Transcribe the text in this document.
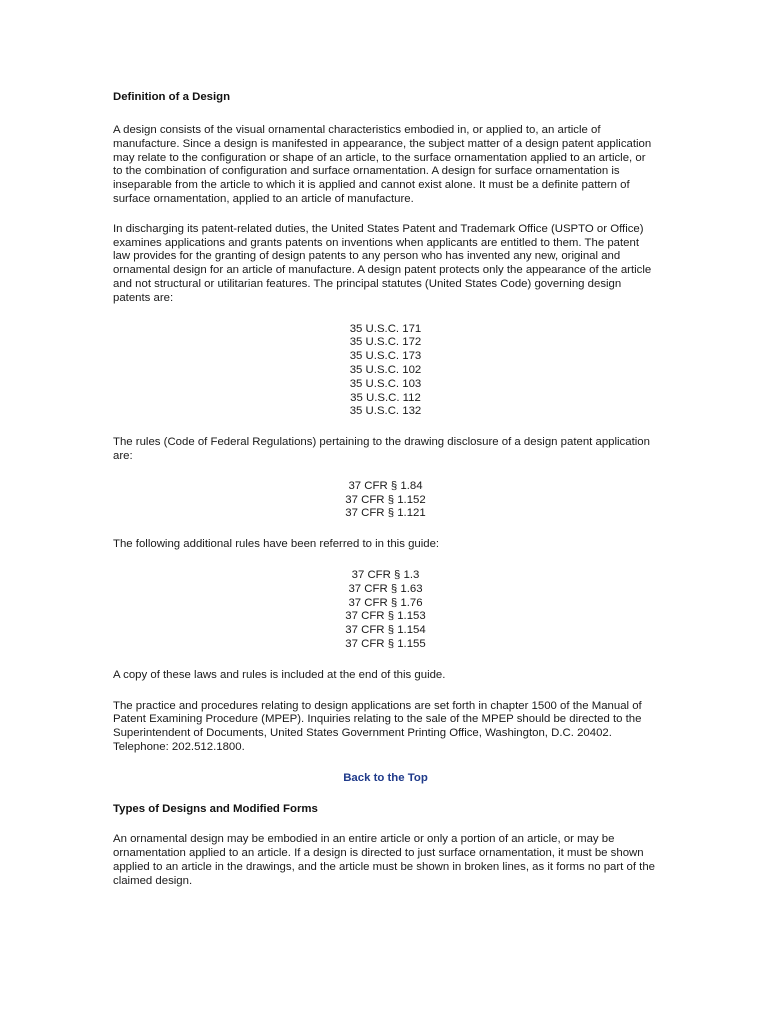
Definition of a Design

A design consists of the visual ornamental characteristics embodied in, or applied to, an article of manufacture. Since a design is manifested in appearance, the subject matter of a design patent application may relate to the configuration or shape of an article, to the surface ornamentation applied to an article, or to the combination of configuration and surface ornamentation. A design for surface ornamentation is inseparable from the article to which it is applied and cannot exist alone. It must be a definite pattern of surface ornamentation, applied to an article of manufacture.

In discharging its patent-related duties, the United States Patent and Trademark Office (USPTO or Office) examines applications and grants patents on inventions when applicants are entitled to them. The patent law provides for the granting of design patents to any person who has invented any new, original and ornamental design for an article of manufacture. A design patent protects only the appearance of the article and not structural or utilitarian features. The principal statutes (United States Code) governing design patents are:

35 U.S.C. 171
35 U.S.C. 172
35 U.S.C. 173
35 U.S.C. 102
35 U.S.C. 103
35 U.S.C. 112
35 U.S.C. 132

The rules (Code of Federal Regulations) pertaining to the drawing disclosure of a design patent application are:

37 CFR § 1.84
37 CFR § 1.152
37 CFR § 1.121

The following additional rules have been referred to in this guide:

37 CFR § 1.3
37 CFR § 1.63
37 CFR § 1.76
37 CFR § 1.153
37 CFR § 1.154
37 CFR § 1.155

A copy of these laws and rules is included at the end of this guide.

The practice and procedures relating to design applications are set forth in chapter 1500 of the Manual of Patent Examining Procedure (MPEP). Inquiries relating to the sale of the MPEP should be directed to the Superintendent of Documents, United States Government Printing Office, Washington, D.C. 20402. Telephone: 202.512.1800.

Back to the Top
Types of Designs and Modified Forms

An ornamental design may be embodied in an entire article or only a portion of an article, or may be ornamentation applied to an article. If a design is directed to just surface ornamentation, it must be shown applied to an article in the drawings, and the article must be shown in broken lines, as it forms no part of the claimed design.
